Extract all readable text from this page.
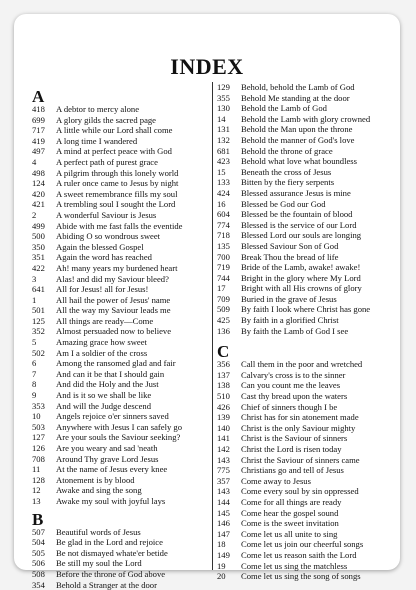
INDEX
A
418	A debtor to mercy alone
699	A glory gilds the sacred page
717	A little while our Lord shall come
419	A long time I wandered
497	A mind at perfect peace with God
4	A perfect path of purest grace
498	A pilgrim through this lonely world
124	A ruler once came to Jesus by night
420	A sweet remembrance fills my soul
421	A trembling soul I sought the Lord
2	A wonderful Saviour is Jesus
499	Abide with me fast falls the eventide
500	Abiding O so wondrous sweet
350	Again the blessed Gospel
351	Again the word has reached
422	Ah! many years my burdened heart
3	Alas! and did my Saviour bleed?
641	All for Jesus! all for Jesus!
1	All hail the power of Jesus' name
501	All the way my Saviour leads me
125	All things are ready—Come
352	Almost persuaded now to believe
5	Amazing grace how sweet
502	Am I a soldier of the cross
6	Among the ransomed glad and fair
7	And can it be that I should gain
8	And did the Holy and the Just
9	And is it so we shall be like
353	And will the Judge descend
10	Angels rejoice o'er sinners saved
503	Anywhere with Jesus I can safely go
127	Are your souls the Saviour seeking?
126	Are you weary and sad 'neath
708	Around Thy grave Lord Jesus
11	At the name of Jesus every knee
128	Atonement is by blood
12	Awake and sing the song
13	Awake my soul with joyful lays
B
507	Beautiful words of Jesus
504	Be glad in the Lord and rejoice
505	Be not dismayed whate'er betide
506	Be still my soul the Lord
508	Before the throne of God above
354	Behold a Stranger at the door
129	Behold, behold the Lamb of God
355	Behold Me standing at the door
130	Behold the Lamb of God
14	Behold the Lamb with glory crowned
131	Behold the Man upon the throne
132	Behold the manner of God's love
681	Behold the throne of grace
423	Behold what love what boundless
15	Beneath the cross of Jesus
133	Bitten by the fiery serpents
424	Blessed assurance Jesus is mine
16	Blessed be God our God
604	Blessed be the fountain of blood
774	Blessed is the service of our Lord
718	Blessed Lord our souls are longing
135	Blessed Saviour Son of God
700	Break Thou the bread of life
719	Bride of the Lamb, awake! awake!
744	Bright in the glory where My Lord
17	Bright with all His crowns of glory
709	Buried in the grave of Jesus
509	By faith I look where Christ has gone
425	By faith in a glorified Christ
136	By faith the Lamb of God I see
C
356	Call them in the poor and wretched
137	Calvary's cross is to the sinner
138	Can you count me the leaves
510	Cast thy bread upon the waters
426	Chief of sinners though I be
139	Christ has for sin atonement made
140	Christ is the only Saviour mighty
141	Christ is the Saviour of sinners
142	Christ the Lord is risen today
143	Christ the Saviour of sinners came
775	Christians go and tell of Jesus
357	Come away to Jesus
143	Come every soul by sin oppressed
144	Come for all things are ready
145	Come hear the gospel sound
146	Come is the sweet invitation
147	Come let us all unite to sing
18	Come let us join our cheerful songs
149	Come let us reason saith the Lord
19	Come let us sing the matchless
20	Come let us sing the song of songs
